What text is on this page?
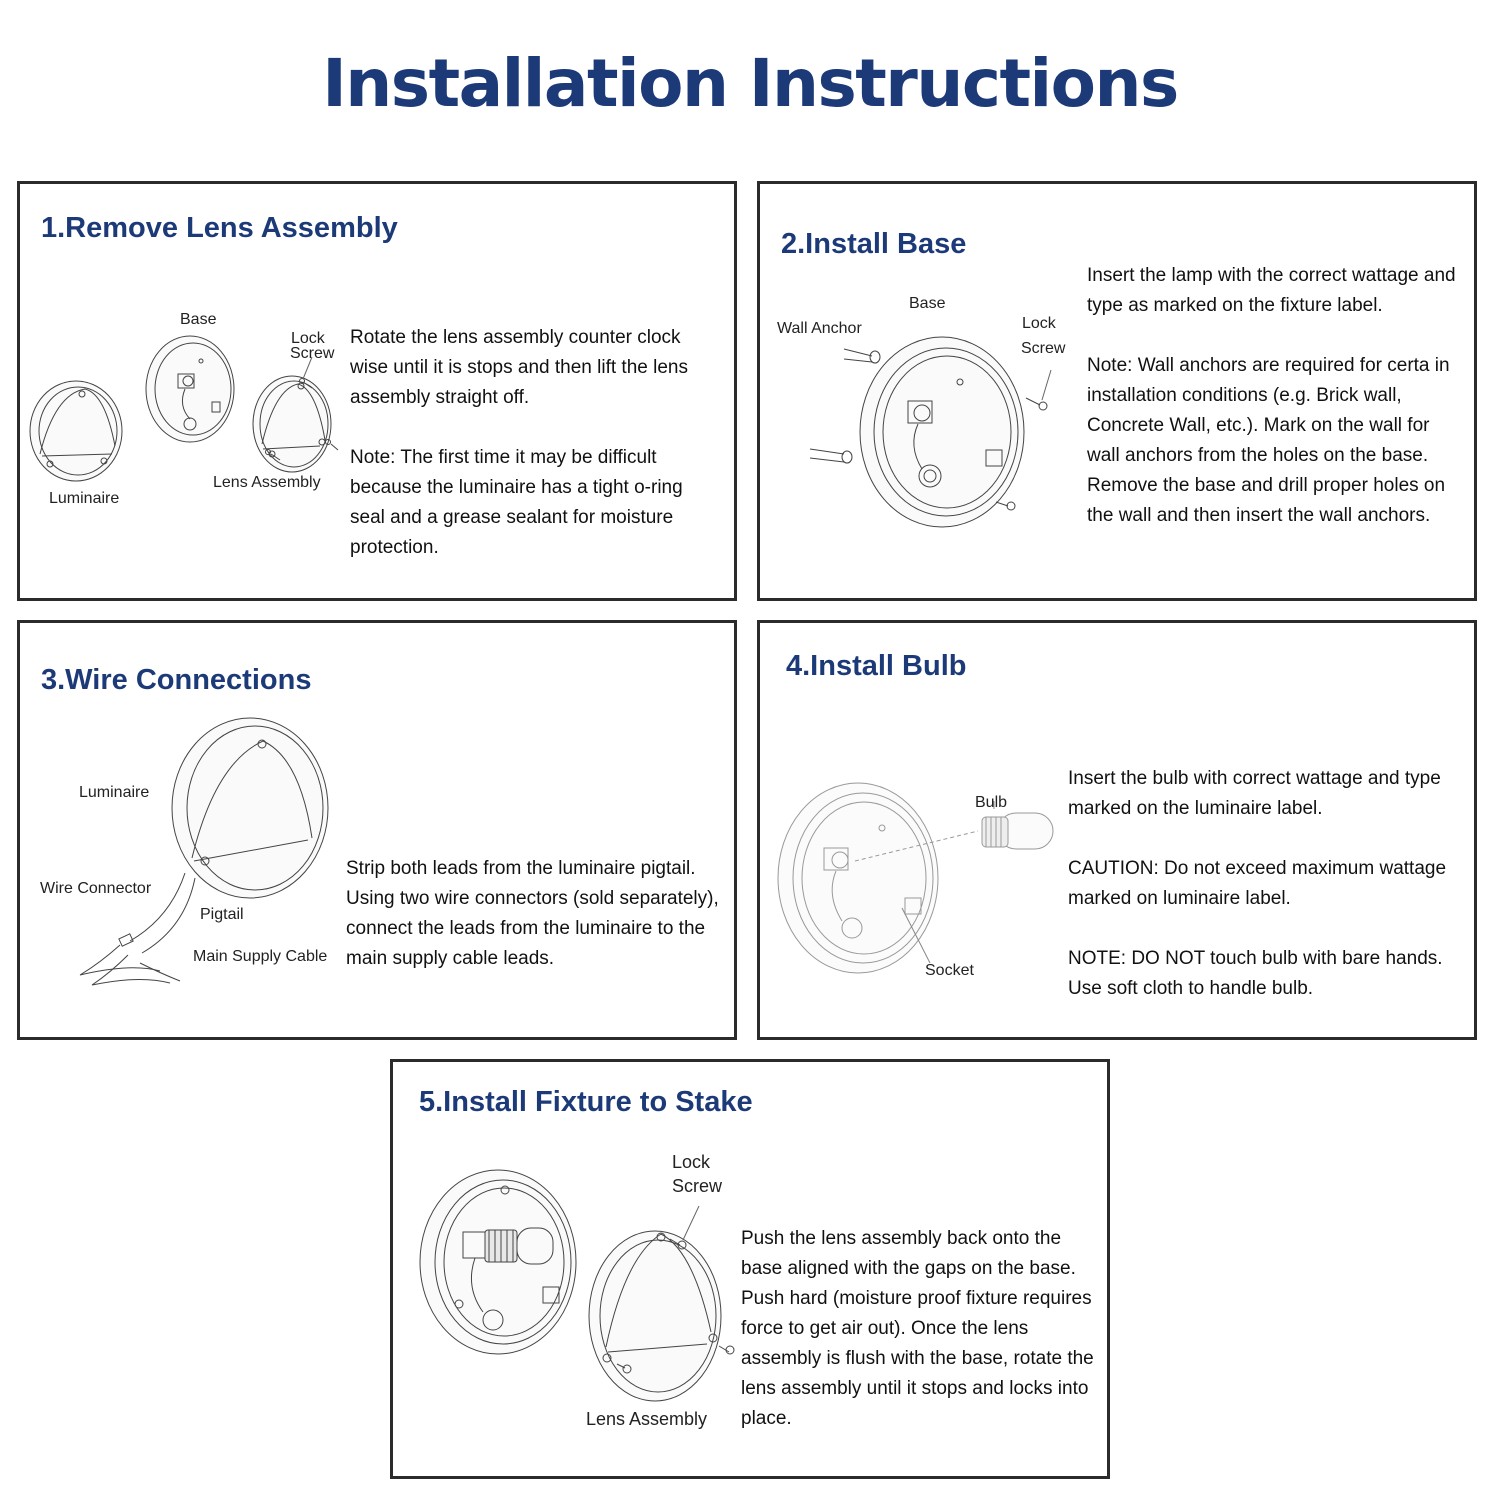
Installation Instructions
1.Remove Lens Assembly
Base
Lock
Screw
Luminaire
Lens Assembly

Rotate the lens assembly counter clock wise until it is stops and then lift the lens assembly straight off.

Note: The first time it may be difficult because the luminaire has a tight o-ring seal and a grease sealant for moisture protection.

2.Install Base
Base
Wall Anchor	Lock
Screw

Insert the lamp with the correct wattage and type as marked on the fixture label.

Note: Wall anchors are required for certa in installation conditions (e.g. Brick wall, Concrete Wall, etc.). Mark on the wall for wall anchors from the holes on the base. Remove the base and drill proper holes on the wall and then insert the wall anchors.

3.Wire Connections
Luminaire
Wire Connector
Pigtail
Main Supply Cable

Strip both leads from the luminaire pigtail. Using two wire connectors (sold separately), connect the leads from the luminaire to the main supply cable leads.

4.Install Bulb
Bulb
Socket

Insert the bulb with correct wattage and type marked on the luminaire label.

CAUTION: Do not exceed maximum wattage marked on luminaire label.

NOTE: DO NOT touch bulb with bare hands. Use soft cloth to handle bulb.

5.Install Fixture to Stake
Lock
Screw
Lens Assembly

Push the lens assembly back onto the base aligned with the gaps on the base. Push hard (moisture proof fixture requires force to get air out). Once the lens assembly is flush with the base, rotate the lens assembly until it stops and locks into place.
